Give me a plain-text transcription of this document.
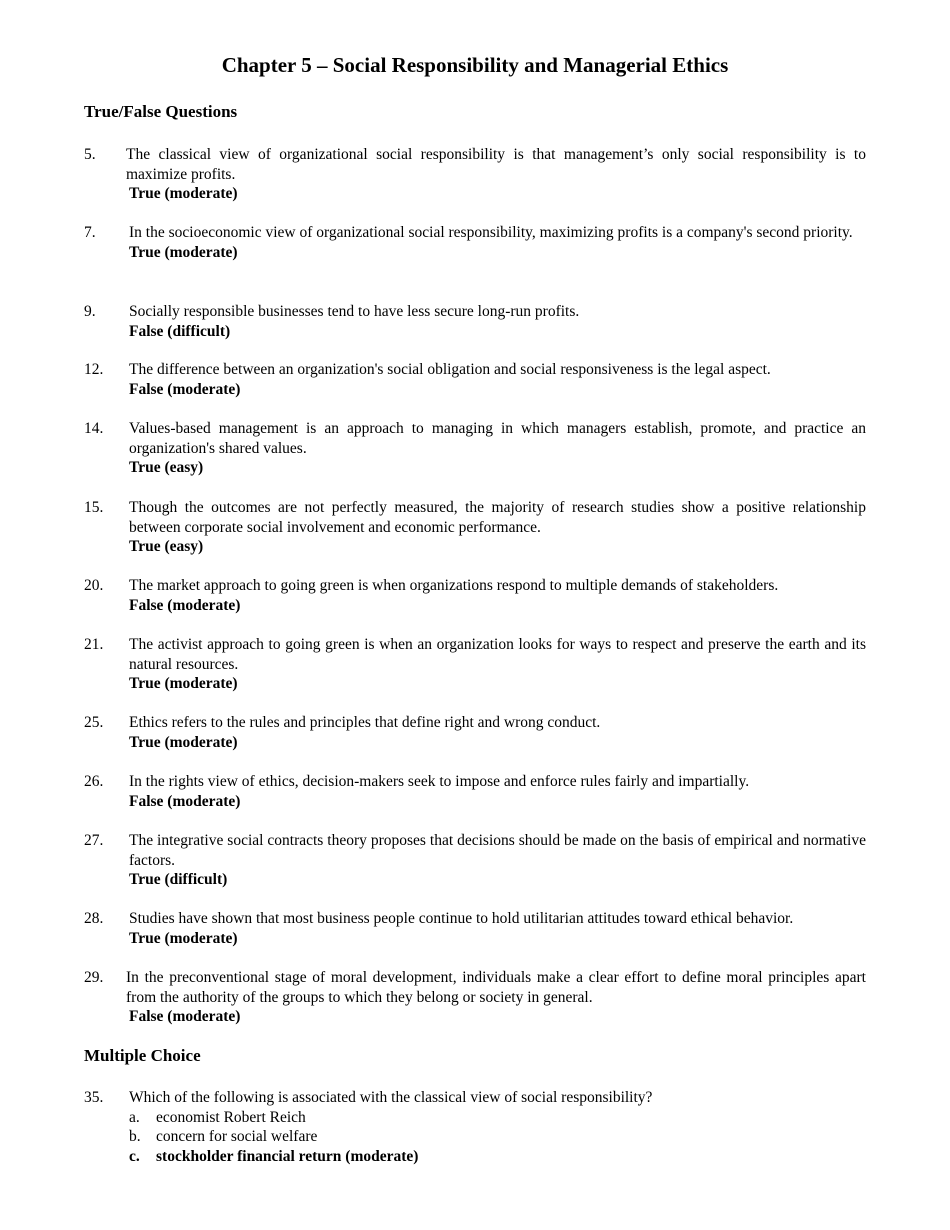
Chapter 5 – Social Responsibility and Managerial Ethics
True/False Questions
5. The classical view of organizational social responsibility is that management’s only social responsibility is to maximize profits.
True (moderate)
7. In the socioeconomic view of organizational social responsibility, maximizing profits is a company's second priority.
True (moderate)
9. Socially responsible businesses tend to have less secure long-run profits.
False (difficult)
12. The difference between an organization's social obligation and social responsiveness is the legal aspect.
False (moderate)
14. Values-based management is an approach to managing in which managers establish, promote, and practice an organization's shared values.
True (easy)
15. Though the outcomes are not perfectly measured, the majority of research studies show a positive relationship between corporate social involvement and economic performance.
True (easy)
20. The market approach to going green is when organizations respond to multiple demands of stakeholders.
False (moderate)
21. The activist approach to going green is when an organization looks for ways to respect and preserve the earth and its natural resources.
True (moderate)
25. Ethics refers to the rules and principles that define right and wrong conduct.
True (moderate)
26. In the rights view of ethics, decision-makers seek to impose and enforce rules fairly and impartially.
False (moderate)
27. The integrative social contracts theory proposes that decisions should be made on the basis of empirical and normative factors.
True (difficult)
28. Studies have shown that most business people continue to hold utilitarian attitudes toward ethical behavior.
True (moderate)
29. In the preconventional stage of moral development, individuals make a clear effort to define moral principles apart from the authority of the groups to which they belong or society in general.
False (moderate)
Multiple Choice
35. Which of the following is associated with the classical view of social responsibility?
a. economist Robert Reich
b. concern for social welfare
c. stockholder financial return (moderate)
